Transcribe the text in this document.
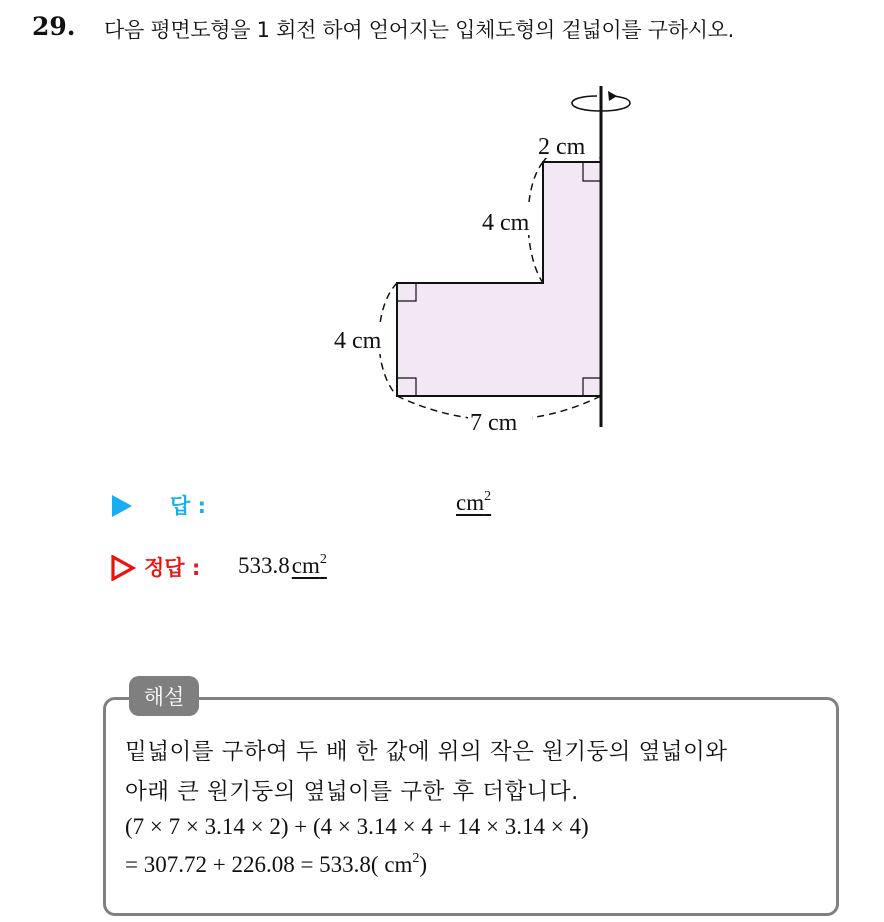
29. 다음 평면도형을 1 회전 하여 얻어지는 입체도형의 겉넓이를 구하시오.
2 cm
4 cm
4 cm
7 cm
답 :	$cm^2$
정답 : $533.8cm^2$
해설
밑넓이를 구하여 두 배 한 값에 위의 작은 원기둥의 옆넓이와
아래 큰 원기둥의 옆넓이를 구한 후 더합니다.
(7 × 7 × 3.14 × 2) + (4 × 3.14 × 4 + 14 × 3.14 × 4)
= 307.72 + 226.08 = 533.8( $cm^2$)
